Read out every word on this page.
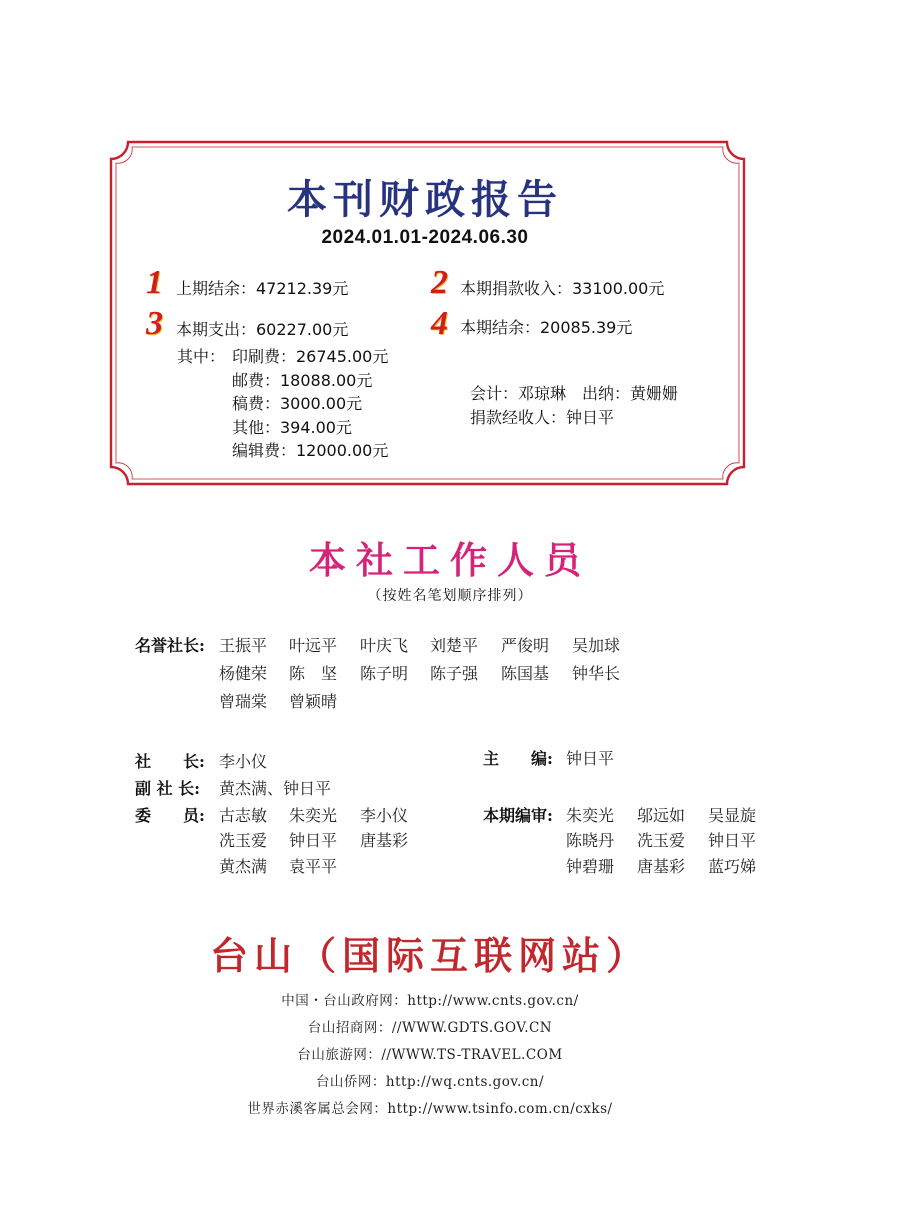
本刊财政报告
2024.01.01-2024.06.30
1 上期结余：47212.39元 2 本期捐款收入：33100.00元
3 本期支出：60227.00元 4 本期结余：20085.39元
其中： 印刷费：26745.00元
邮费：18088.00元
稿费：3000.00元
其他：394.00元
编辑费：12000.00元
会计：邓琼琳　出纳：黄姗姗
捐款经收人：钟日平
本社工作人员
（按姓名笔划顺序排列）
名誉社长: 王振平 叶远平 叶庆飞 刘楚平 严俊明 吴加球
杨健荣 陈　坚 陈子明 陈子强 陈国基 钟华长
曾瑞棠 曾颖晴
社　　长: 李小仪
副 社 长: 黄杰满、钟日平
委　　员: 古志敏 朱奕光 李小仪
冼玉爱 钟日平 唐基彩
黄杰满 袁平平
主　　编: 钟日平
本期编审: 朱奕光 邬远如 吴显旋
陈晓丹 冼玉爱 钟日平
钟碧珊 唐基彩 蓝巧娣
台山（国际互联网站）
中国・台山政府网：http://www.cnts.gov.cn/
台山招商网：//WWW.GDTS.GOV.CN
台山旅游网：//WWW.TS-TRAVEL.COM
台山侨网：http://wq.cnts.gov.cn/
世界赤溪客属总会网：http://www.tsinfo.com.cn/cxks/
